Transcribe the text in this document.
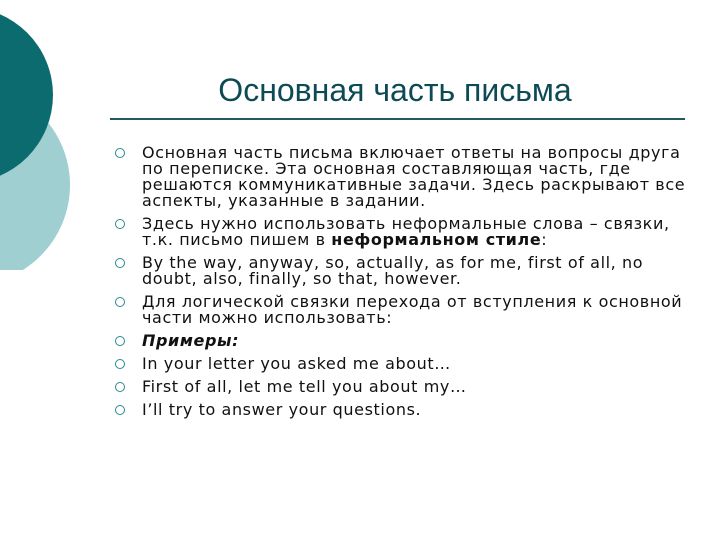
Основная часть письма
Основная часть письма включает ответы на вопросы друга по переписке. Эта основная составляющая часть, где решаются коммуникативные задачи. Здесь раскрывают все аспекты, указанные в задании.
Здесь нужно использовать неформальные слова – связки, т.к. письмо пишем в неформальном стиле:
By the way, anyway, so, actually, as for me, first of all, no doubt, also, finally, so that, however.
Для логической связки перехода от вступления к основной части можно использовать:
Примеры:
In your letter you asked me about…
First of all, let me tell you about my…
I’ll try to answer your questions.
